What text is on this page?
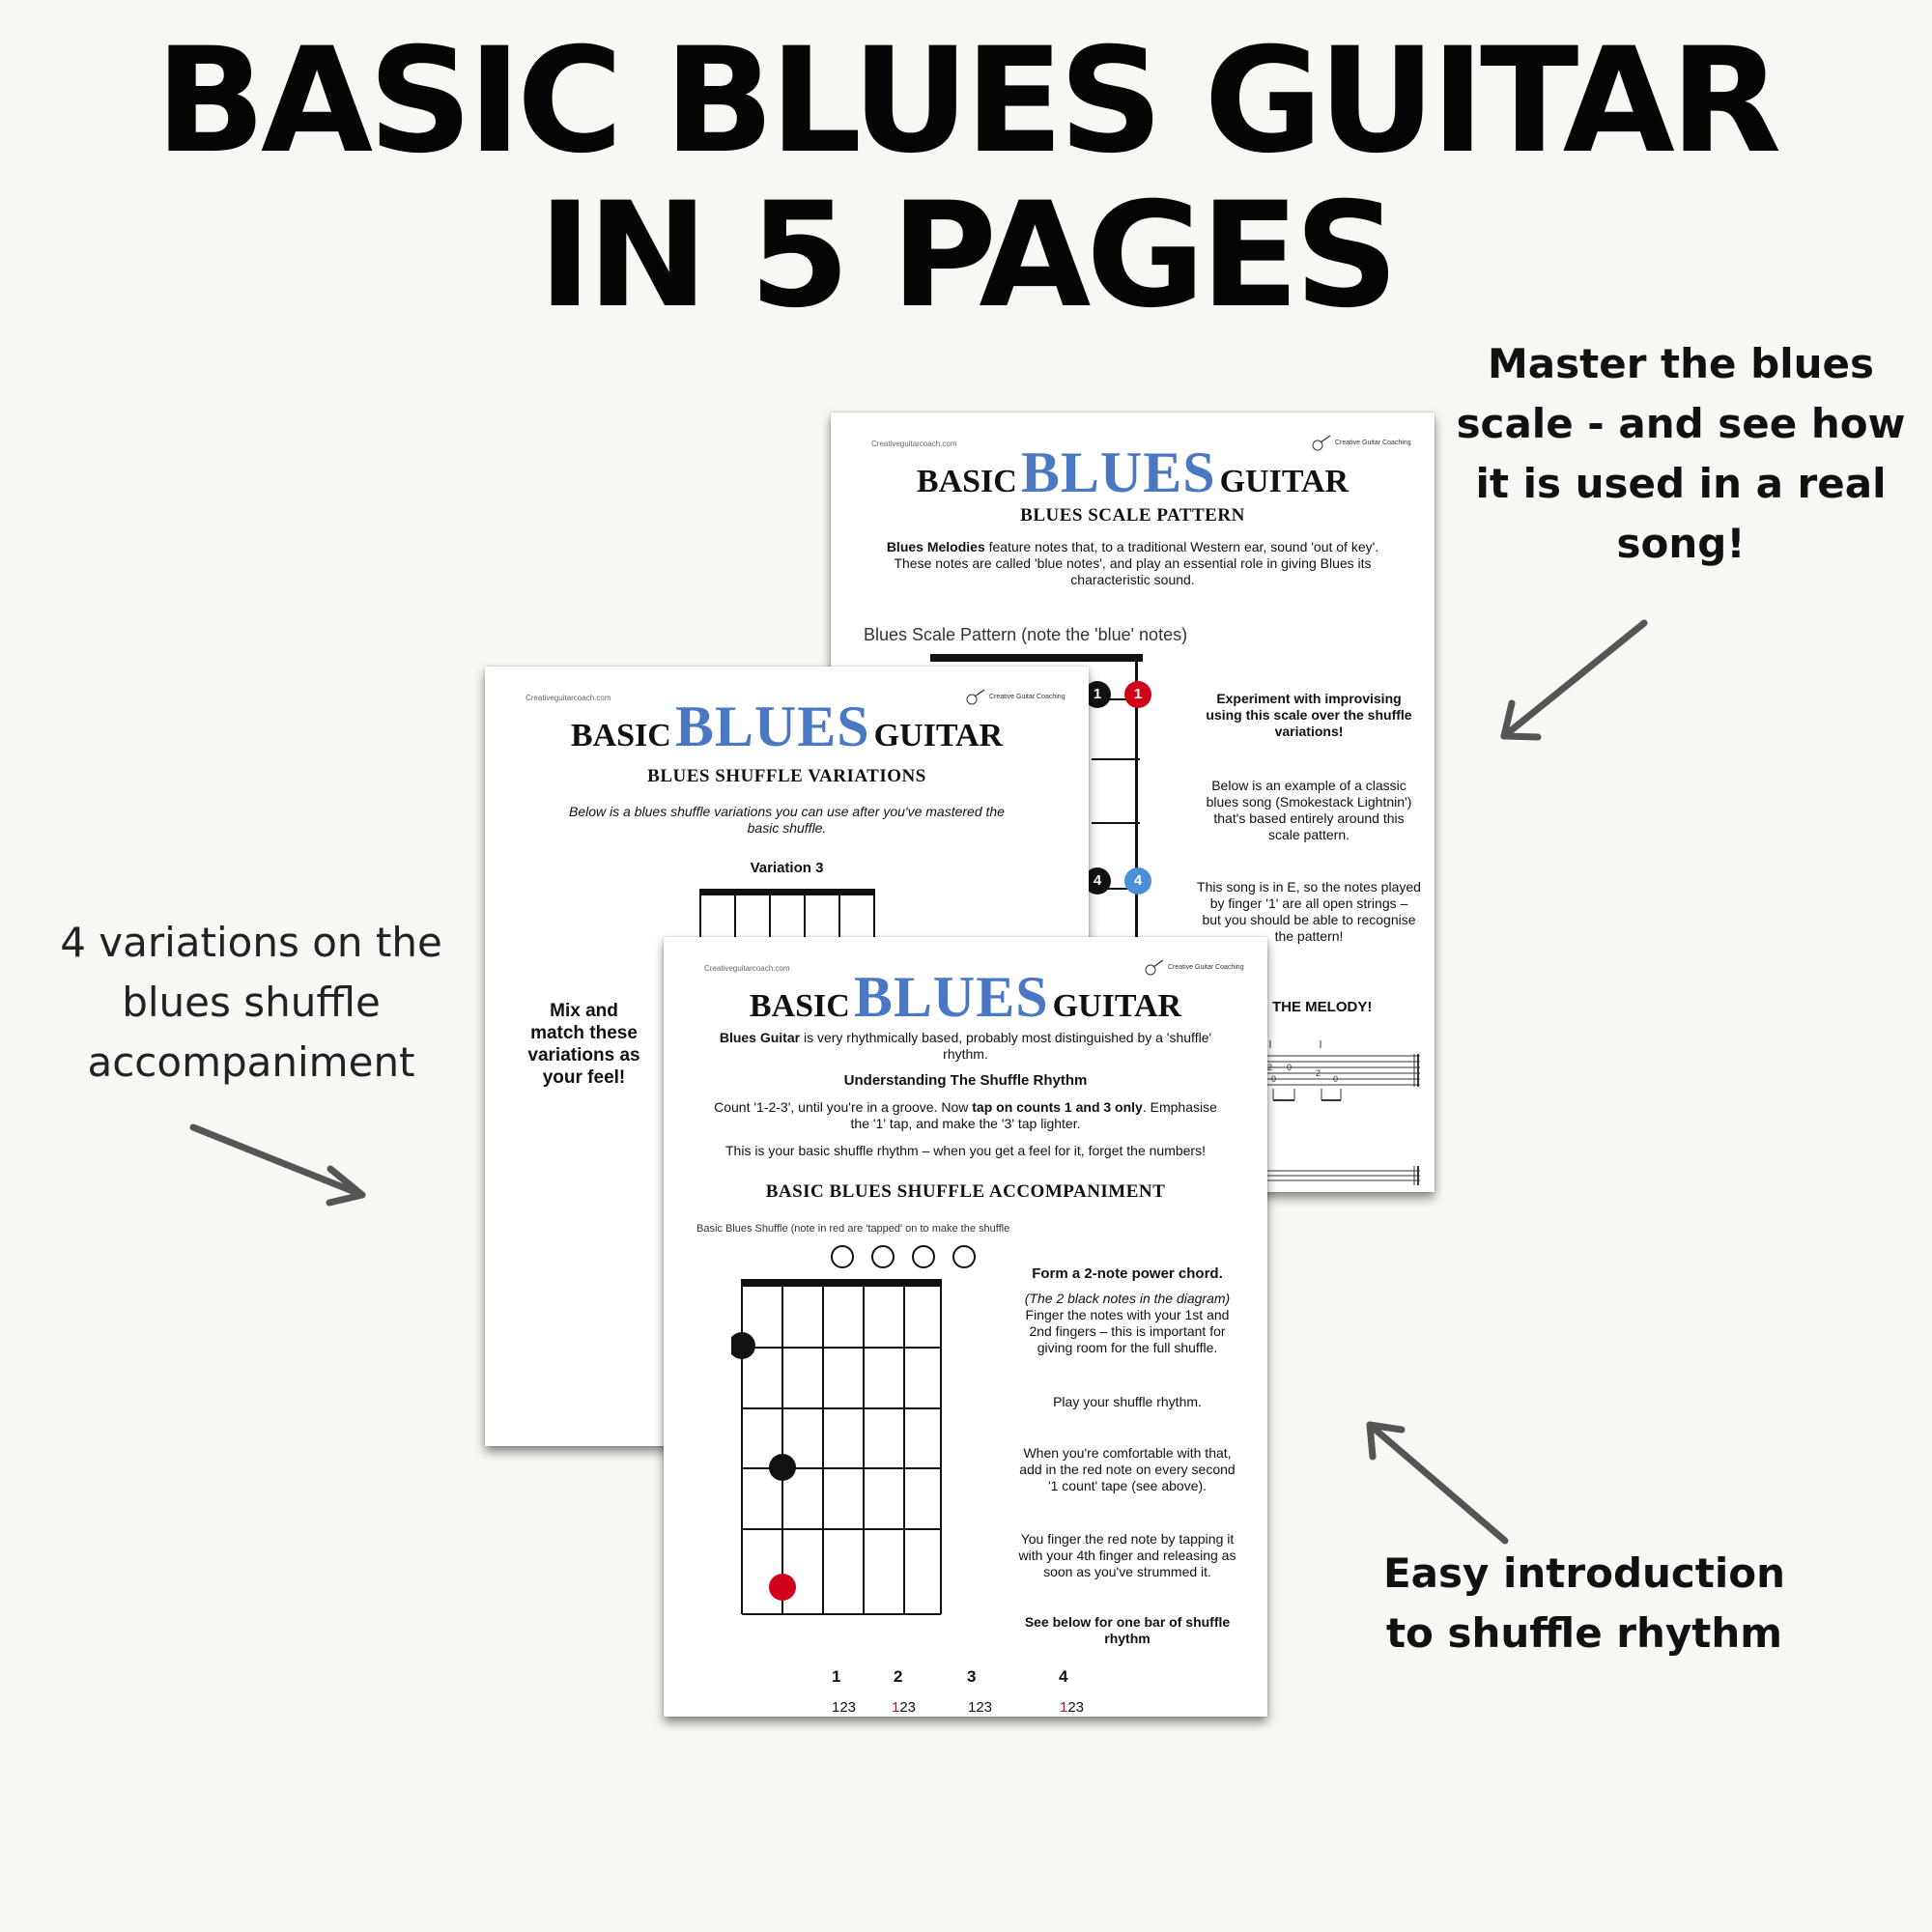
BASIC BLUES GUITAR
IN 5 PAGES
Master the blues
scale - and see how
it is used in a real
song!
4 variations on the
blues shuffle
accompaniment
Easy introduction
to shuffle rhythm
Creativeguitarcoach.com	Creative Guitar Coaching
BASIC BLUES GUITAR
BLUES SCALE PATTERN
Blues Melodies feature notes that, to a traditional Western ear, sound 'out of key'.
These notes are called 'blue notes', and play an essential role in giving Blues its
characteristic sound.
Blues Scale Pattern (note the 'blue' notes)
1	1
4	4
Experiment with improvising
using this scale over the shuffle
variations!
Below is an example of a classic
blues song (Smokestack Lightnin')
that's based entirely around this
scale pattern.
This song is in E, so the notes played
by finger '1' are all open strings –
but you should be able to recognise
the pattern!
THE MELODY!
2 0
0
2
0
Creativeguitarcoach.com	Creative Guitar Coaching
BASIC BLUES GUITAR
BLUES SHUFFLE VARIATIONS
Below is a blues shuffle variations you can use after you've mastered the
basic shuffle.
Variation 3
Mix and
match these
variations as
your feel!
Creativeguitarcoach.com	Creative Guitar Coaching
BASIC BLUES GUITAR
Blues Guitar is very rhythmically based, probably most distinguished by a 'shuffle'
rhythm.
Understanding The Shuffle Rhythm
Count '1-2-3', until you're in a groove. Now tap on counts 1 and 3 only. Emphasise
the '1' tap, and make the '3' tap lighter.
This is your basic shuffle rhythm – when you get a feel for it, forget the numbers!
BASIC BLUES SHUFFLE ACCOMPANIMENT
Basic Blues Shuffle (note in red are 'tapped' on to make the shuffle
Form a 2-note power chord.
(The 2 black notes in the diagram)
Finger the notes with your 1st and
2nd fingers – this is important for
giving room for the full shuffle.
Play your shuffle rhythm.
When you're comfortable with that,
add in the red note on every second
'1 count' tape (see above).
You finger the red note by tapping it
with your 4th finger and releasing as
soon as you've strummed it.
See below for one bar of shuffle
rhythm
1	2	3	4
123 123	123	123
